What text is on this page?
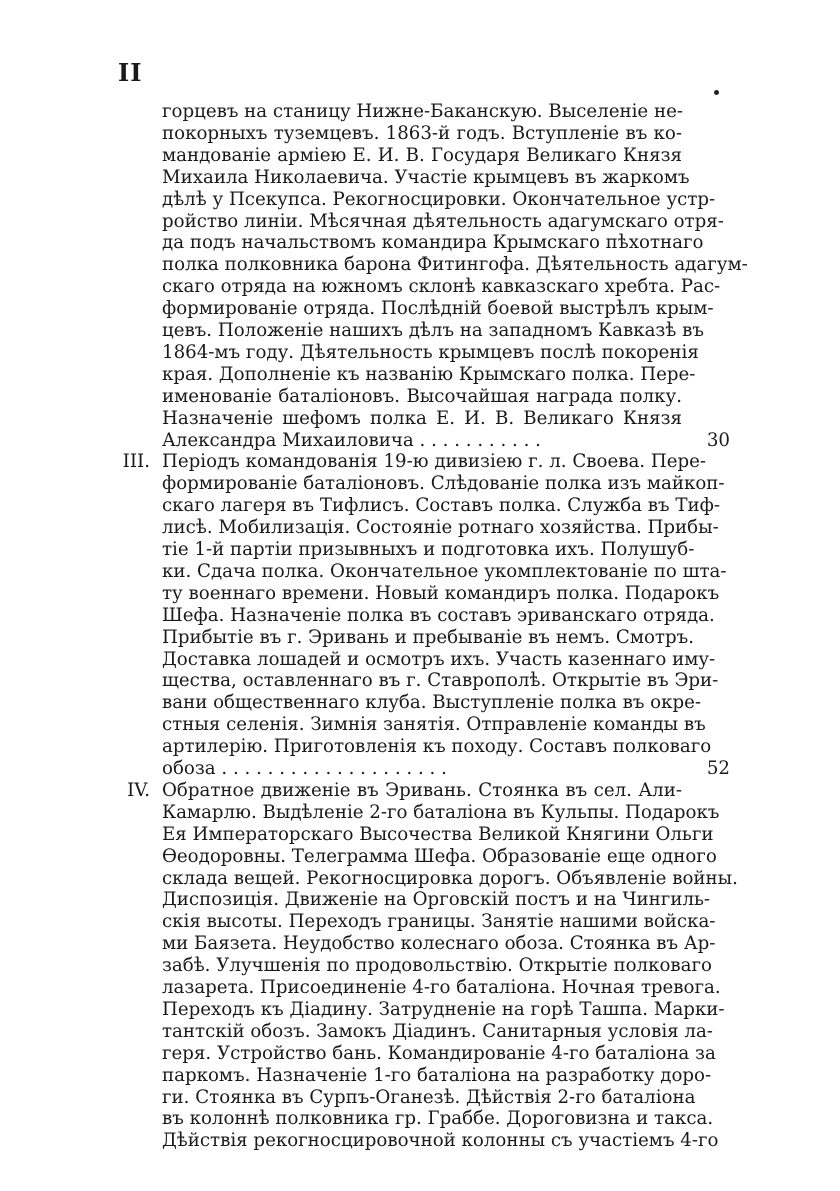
II
горцевъ на станицу Нижне-Баканскую. Выселеніе не-
покорныхъ туземцевъ. 1863-й годъ. Вступленіе въ ко-
мандованіе арміею Е. И. В. Государя Великаго Князя
Михаила Николаевича. Участіе крымцевъ въ жаркомъ
дѣлѣ у Псекупса. Рекогносцировки. Окончательное устр-
ройство линіи. Мѣсячная дѣятельность адагумскаго отря-
да подъ начальствомъ командира Крымскаго пѣхотнаго
полка полковника барона Фитингофа. Дѣятельность адагум-
скаго отряда на южномъ склонѣ кавказскаго хребта. Рас-
формированіе отряда. Послѣдній боевой выстрѣлъ крым-
цевъ. Положеніе нашихъ дѣлъ на западномъ Кавказѣ въ
1864-мъ году. Дѣятельность крымцевъ послѣ покоренія
края. Дополненіе къ названію Крымскаго полка. Пере-
именованіе баталіоновъ. Высочайшая награда полку.
Назначеніе шефомъ полка Е. И. В. Великаго Князя
Александра Михаиловича . . . . . . . . . . .	30
III. Періодъ командованія 19-ю дивизіею г. л. Своева. Пере-
формированіе баталіоновъ. Слѣдованіе полка изъ майкоп-
скаго лагеря въ Тифлисъ. Составъ полка. Служба въ Тиф-
лисѣ. Мобилизація. Состояніе ротнаго хозяйства. Прибы-
тіе 1-й партіи призывныхъ и подготовка ихъ. Полушуб-
ки. Сдача полка. Окончательное укомплектованіе по шта-
ту военнаго времени. Новый командиръ полка. Подарокъ
Шефа. Назначеніе полка въ составъ эриванскаго отряда.
Прибытіе въ г. Эривань и пребываніе въ немъ. Смотръ.
Доставка лошадей и осмотръ ихъ. Участь казеннаго иму-
щества, оставленнаго въ г. Ставрополѣ. Открытіе въ Эри-
вани общественнаго клуба. Выступленіе полка въ окре-
стныя селенія. Зимнія занятія. Отправленіе команды въ
артилерію. Приготовленія къ походу. Составъ полковаго
обоза . . . . . . . . . . . . . . . . . . . .	52
IV. Обратное движеніе въ Эривань. Стоянка въ сел. Али-
Камарлю. Выдѣленіе 2-го баталіона въ Кульпы. Подарокъ
Ея Императорскаго Высочества Великой Княгини Ольги
Ѳеодоровны. Телеграмма Шефа. Образованіе еще одного
склада вещей. Рекогносцировка дорогъ. Объявленіе войны.
Диспозиція. Движеніе на Орговскій постъ и на Чингиль-
скія высоты. Переходъ границы. Занятіе нашими войска-
ми Баязета. Неудобство колеснаго обоза. Стоянка въ Ар-
забѣ. Улучшенія по продовольствію. Открытіе полковаго
лазарета. Присоединеніе 4-го баталіона. Ночная тревога.
Переходъ къ Діадину. Затрудненіе на горѣ Ташпа. Марки-
тантскій обозъ. Замокъ Діадинъ. Санитарныя условія ла-
геря. Устройство бань. Командированіе 4-го баталіона за
паркомъ. Назначеніе 1-го баталіона на разработку доро-
ги. Стоянка въ Сурпъ-Оганезѣ. Дѣйствія 2-го баталіона
въ колоннѣ полковника гр. Граббе. Дороговизна и такса.
Дѣйствія рекогносцировочной колонны съ участіемъ 4-го
